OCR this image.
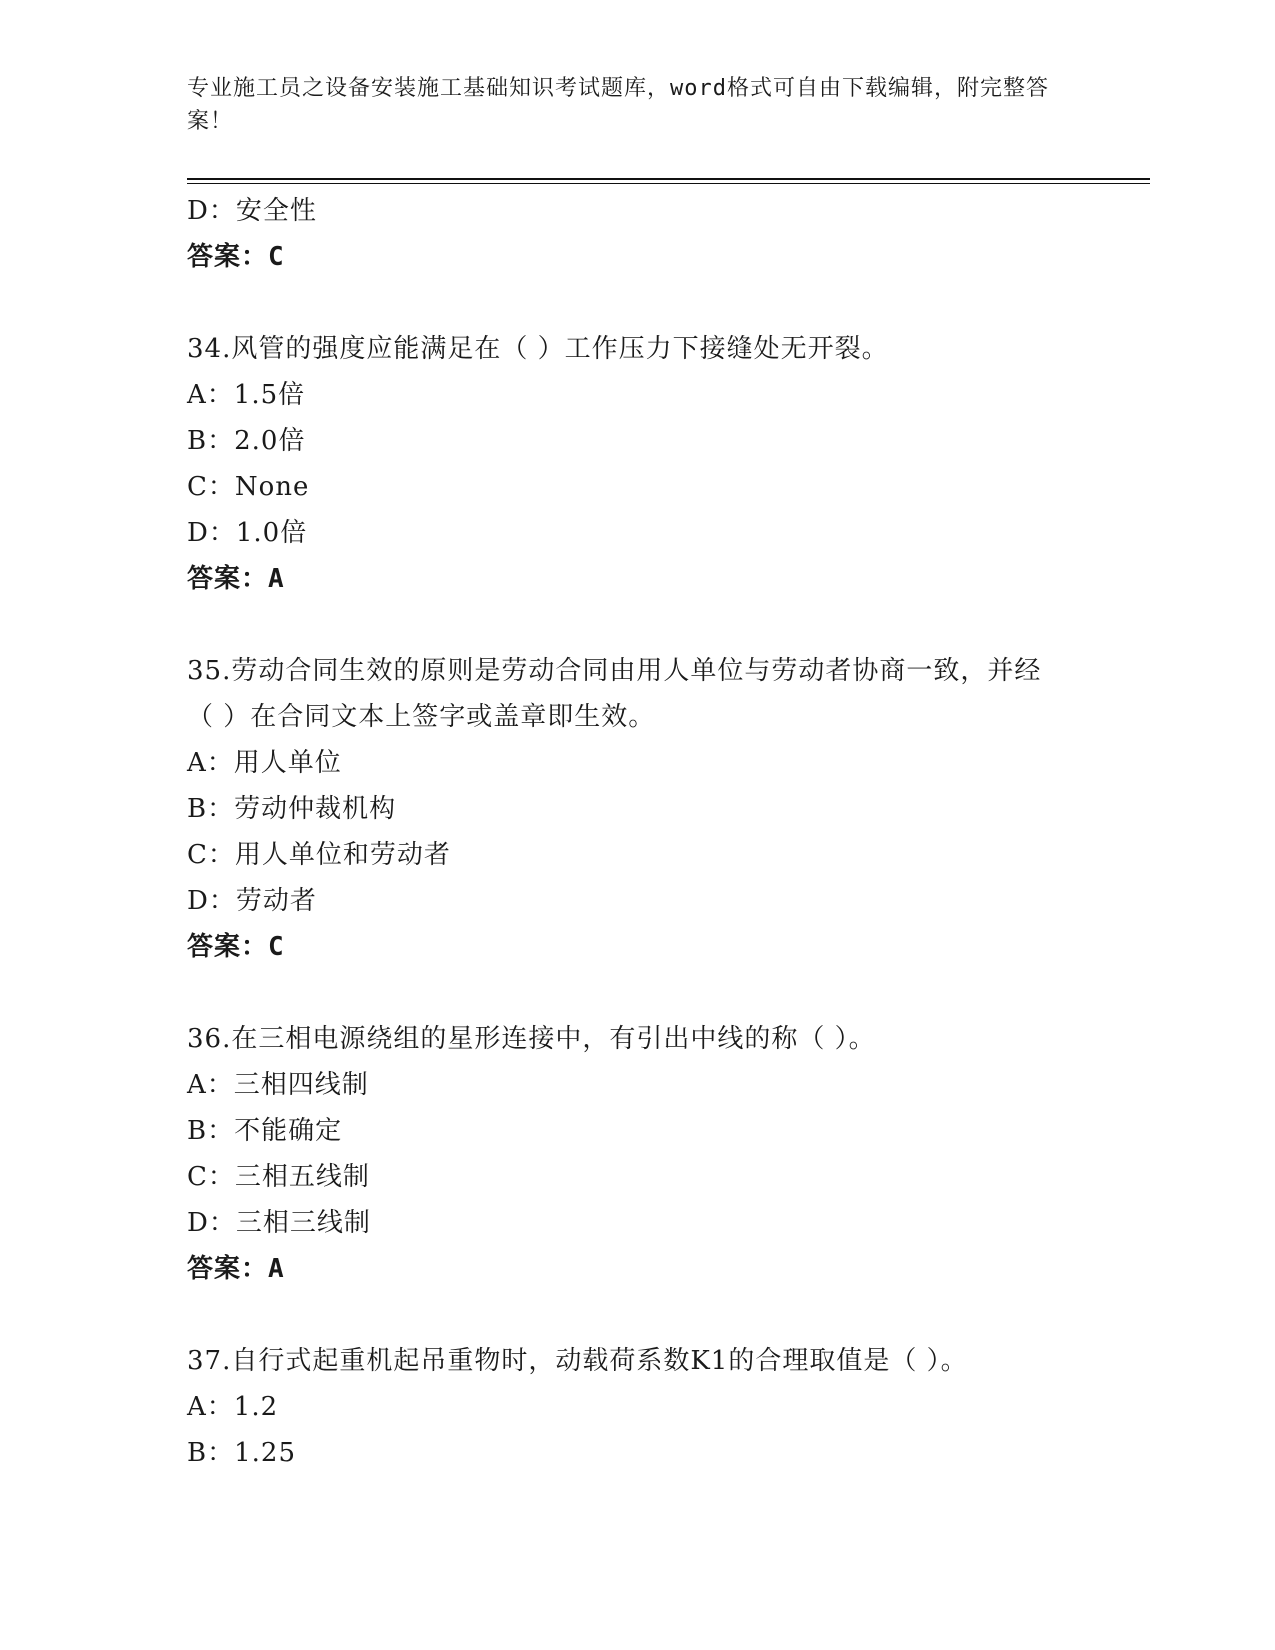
专业施工员之设备安装施工基础知识考试题库，word格式可自由下载编辑，附完整答案！
D：安全性
答案：C
34.风管的强度应能满足在（ ）工作压力下接缝处无开裂。
A：1.5倍
B：2.0倍
C：None
D：1.0倍
答案：A
35.劳动合同生效的原则是劳动合同由用人单位与劳动者协商一致，并经（ ）在合同文本上签字或盖章即生效。
A：用人单位
B：劳动仲裁机构
C：用人单位和劳动者
D：劳动者
答案：C
36.在三相电源绕组的星形连接中，有引出中线的称（ ）。
A：三相四线制
B：不能确定
C：三相五线制
D：三相三线制
答案：A
37.自行式起重机起吊重物时，动载荷系数K1的合理取值是（ ）。
A：1.2
B：1.25
